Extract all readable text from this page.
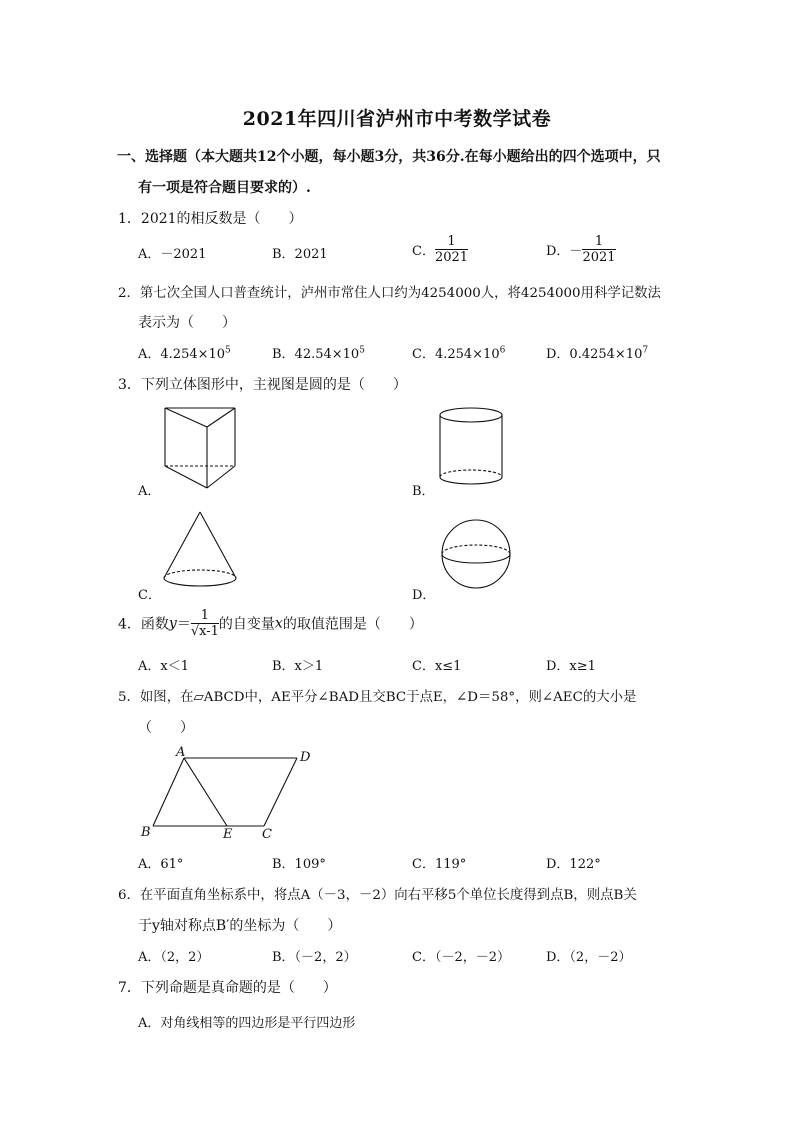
2021年四川省泸州市中考数学试卷
一、选择题（本大题共12个小题，每小题3分，共36分.在每小题给出的四个选项中，只
有一项是符合题目要求的）.
1．2021的相反数是（　　）
A．－2021	B．2021	C． $\frac{1}{2021}$	D．－ $\frac{1}{2021}$
2．第七次全国人口普查统计，泸州市常住人口约为4254000人，将4254000用科学记数法
表示为（　　）
A．$4.254\times 10^5$	B．$42.54\times 10^5$	C．$4.254\times 10^6$	D．$0.4254\times 10^7$
3．下列立体图形中，主视图是圆的是（　　）
A．	B．
C．	D．
4．函数$y= \frac{1}{√x-1}$ 的自变量x的取值范围是（　　）
A．x＜1	B．x＞1	C．x≤1	D．x≥1
5．如图，在▱ABCD中，AE平分∠BAD且交BC于点E，∠D＝58°，则∠AEC的大小是
（　　）
A	D
B	E C
A．61°	B．109°	C．119°	D．122°
6．在平面直角坐标系中，将点A（－3，－2）向右平移5个单位长度得到点B，则点B关
于y轴对称点B′的坐标为（　　）
A．（2，2）	B．（－2，2）	C．（－2，－2）	D．（2，－2）
7．下列命题是真命题的是（　　）
A．对角线相等的四边形是平行四边形
